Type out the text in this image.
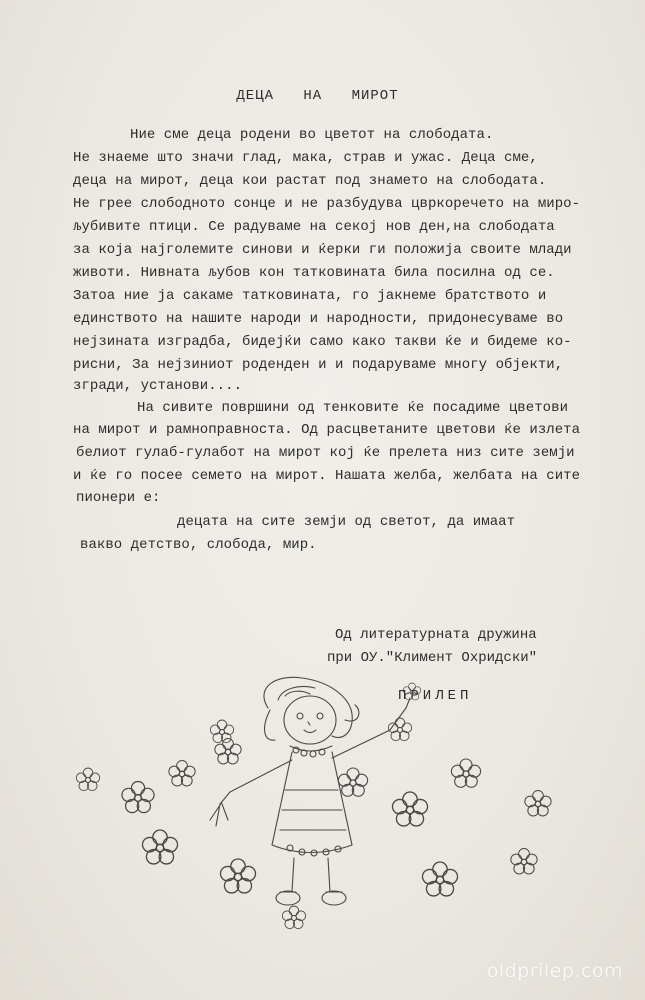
ДЕЦА НА МИРОТ
Ние сме деца родени во цветот на слободата.
Не знаеме што значи глад, мака, страв и ужас. Деца сме,
деца на мирот, деца кои растат под знамето на слободата.
Не грее слободното сонце и не разбудува цвркоречето на миро-
љубивите птици. Се радуваме на секој нов ден,на слободата
за која најголемите синови и ќерки ги положија своите млади
животи. Нивната љубов кон татковината била посилна од се.
Затоа ние ја сакаме татковината, го јакнеме братството и
единството на нашите народи и народности, придонесуваме во
нејзината изградба, бидејќи само како такви ќе и бидеме ко-
рисни, За нејзиниот роденден и и подаруваме многу објекти,
згради, установи....
На сивите површини од тенковите ќе посадиме цветови
на мирот и рамноправноста. Од расцветаните цветови ќе излета
белиот гулаб-гулабот на мирот кој ќе прелета низ сите земји
и ќе го посее семето на мирот. Нашата желба, желбата на сите
пионери е:
децата на сите земји од светот, да имаат
вакво детство, слобода, мир.
Од литературната дружина
при ОУ."Климент Охридски"
ПРИЛЕП
oldprilep.com
